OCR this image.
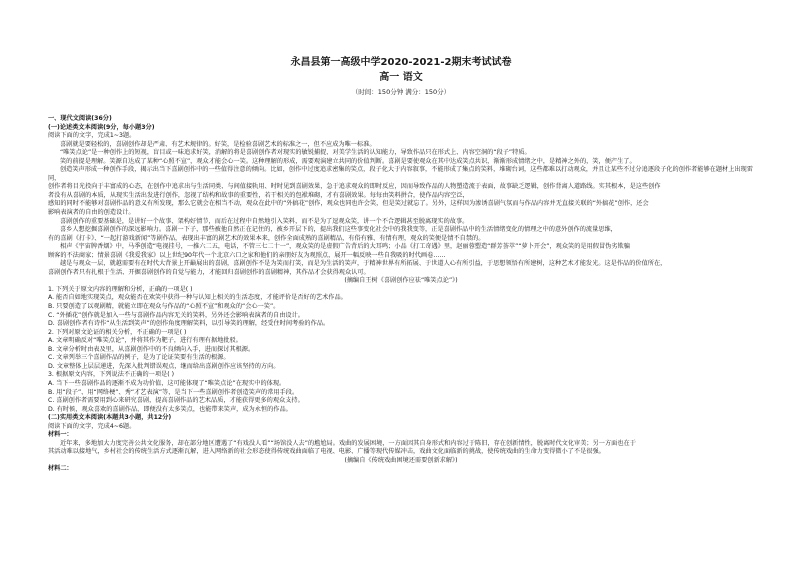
永昌县第一高级中学2020-2021-2期末考试试卷
高一 语文
（时间：150分钟 满分：150分）

一、现代文阅读(36分)

(一)论述类文本阅读(9分，每小题3分)

阅读下面的文字，完成1~3题。

喜剧就是要轻松的，喜剧创作却是严肃、有艺术规律的。好笑，是检验喜剧艺术的标准之一，但不应成为唯一标准。

“唯笑点论”是一种创作上的短视，盲目或一味追求好笑，消解的将是喜剧创作者对现实的敏锐捕捉、对美学生活的认知能力，导致作品只在形式上、内容空洞的“段子”特质。

笑的前提是理解。笑源自达成了某种“心照不宣”，观众才能会心一笑。这种理解的形成，需要观演建立共同的价值判断。喜剧是要使观众在其中达成笑点共识，渐渐形成情绪之中，是精神之外的，笑，便产生了。

创造笑声形成一种创作手段，揭示出当下喜剧创作中的一些值得注意的倾向。比如，创作中过度追求密集的笑点，段子化大于内容叙事，不能形成了集点的笑料，堆砌台词，这些都难以打动观众，并且让某些不过分追逐段子化的创作者能够在题材上出现雷同，

创作者将目光投向于丰富成的心态，在创作中追求出与生活同类、与间值接轨用、时时见到喜剧效果，急于追求观众的即时反应，因而导致作品的人物塑造流于表面，故事缺乏逻辑，创作背离人道路线。实其根本，是这些创作

者没有从喜剧的本质，从现实生活出发进行创作，忽视了结构和故事的重要性，若干相关的包袱堆砌，才有喜剧效果。每每由笑料拼合，使作品内容空泛，

感知的同时不能够对喜剧作品的意义有所发现，那么它就会在相当不动，观众在此中的“外搞花”创作，观众也同也许会笑，但是笑过就忘了。另外，这样因为渗诱喜剧气氛而与作品内容并无直接关联的“外搞花”创作，还会

影响表演者的自由的创造设计。

喜剧创作的重要基础是，是讲好一个故事、架构好情节，而后在过程中自然地引入笑料，而不是为了逗观众笑，讲一个不合逻辑甚至脱离现实的故事。

喜乡人想挖掘喜剧创作的深远影响力。喜剧一下子，那些被他自然正在记住的，被乡开层下的，提出我们这些事变化社会中的我我变等，正是喜剧作品中的生活情绪变化的情理之中的意外创作的流量思维，

有的喜剧《打卡》、“一起打游戏新闻”等剧作品，表现出丰富的剧艺术的效果本来，创作全面成熟的喜剧精品，有俗有雅、有情有理，观众的笑便是情不自禁的。

相声《宇宙牌香烟》中，马季创造“电视挂号，一推六二五，电话，不管三七二十一”，观众笑的是虚假广告背后的大耳鸣；小品《打工奇遇》里，赵丽蓉塑造“群芳荟萃”“萝卜开会”，观众笑的是用假冒伪劣欺骗

顾客的不法商家；情景喜剧《我爱我家》以上世纪90年代一个北京六口之家和他们的亲朋好友为观照点，展开一幅反映一些自我吸的时代画卷……

越是与观众一层，就越需要有在时代大背景上开巅展出的喜剧，喜剧创作不是为笑而打笑，而是为生活的笑声，于精神世界有所拓展、于世道人心有所引益，于思想领悟有所建树，这种艺术才能发光。这是作品的价值所在，

喜剧创作者只有扎根于生活、开掘喜剧创作的自觉与能力，才能回归喜剧创作的喜剧精神，其作品才会获得观众认可。

(摘编自王树《喜剧创作应祛“唯笑点论”》)

1. 下列关于原文内容的理解和分析，正确的一项是( )

A. 能否自如地实现笑点，观众能否在欢笑中获得一种与认知上相关的生活态度，才能评价是否好的艺术作品。

B. 只要创造了以观剧精，就能立即在观众与作品的“心照不宣”和观众的“会心一笑”。

C. “外插花”创作就是加入一些与喜剧作品内容无关的笑料，另外还会影响表演者的自由设计。

D. 喜剧创作者有诗作“从生活到笑声”的创作角度理解笑料，以引导笑的理解，经受住时间考验的作品。

2. 下列对原文论证的相关分析，不正确的一项是( )

A. 文章明确反对“唯笑点论”，并将其作为靶子，进行有理有据地批驳。

B. 文章分析时由表及里，从喜剧创作中的不良倾向入手，进而探讨其根源。

C. 文章列举三个喜剧作品的例子，是为了论证笑要有生活的根源。

D. 文章整体上层层递进，先深入批判错误观点，继而给出喜剧创作应该坚持的方向。

3. 根据原文内容，下列说法不正确的一项是( )

A. 当下一些喜剧作品的逐渐不成为功价值，这可能体现了“唯笑点论”在现实中的体现。

B. 用“段子”、用“网络梗”、秀“才艺表演”等，是当下一些喜剧创作者创造笑声的常用手段。

C. 喜剧创作者需要用到心来研究喜剧，提高喜剧作品的艺术品质，才能获得更多的观众支持。

D. 有时候，观众喜欢的喜剧作品，即便没有太多笑点，也能带来笑声，成为永恒的作品。

(二)实用类文本阅读(本题共3小题，共12分)

阅读下面的文字，完成4~6题。

材料一：

近年来，多地加大力度完善公共文化服务，却在部分地区遭遇了“有戏没人看”“场馆没人去”的尴尬局。戏曲的发展困境，一方面因其自身形式和内容过于陈旧，存在创新情性，脱离时代文化审美；另一方面也在于

其活动难以接地气，乡村社会的传统生活方式逐渐瓦解，进入网络新的社会形态使得传统戏曲面临了电视、电影、广播等现代传媒冲击，戏曲文化面临新的挑战，使传统戏曲的生命力变得微小了不是很强。

(摘编自《传统戏曲困境还需要创新求解》)

材料二：
